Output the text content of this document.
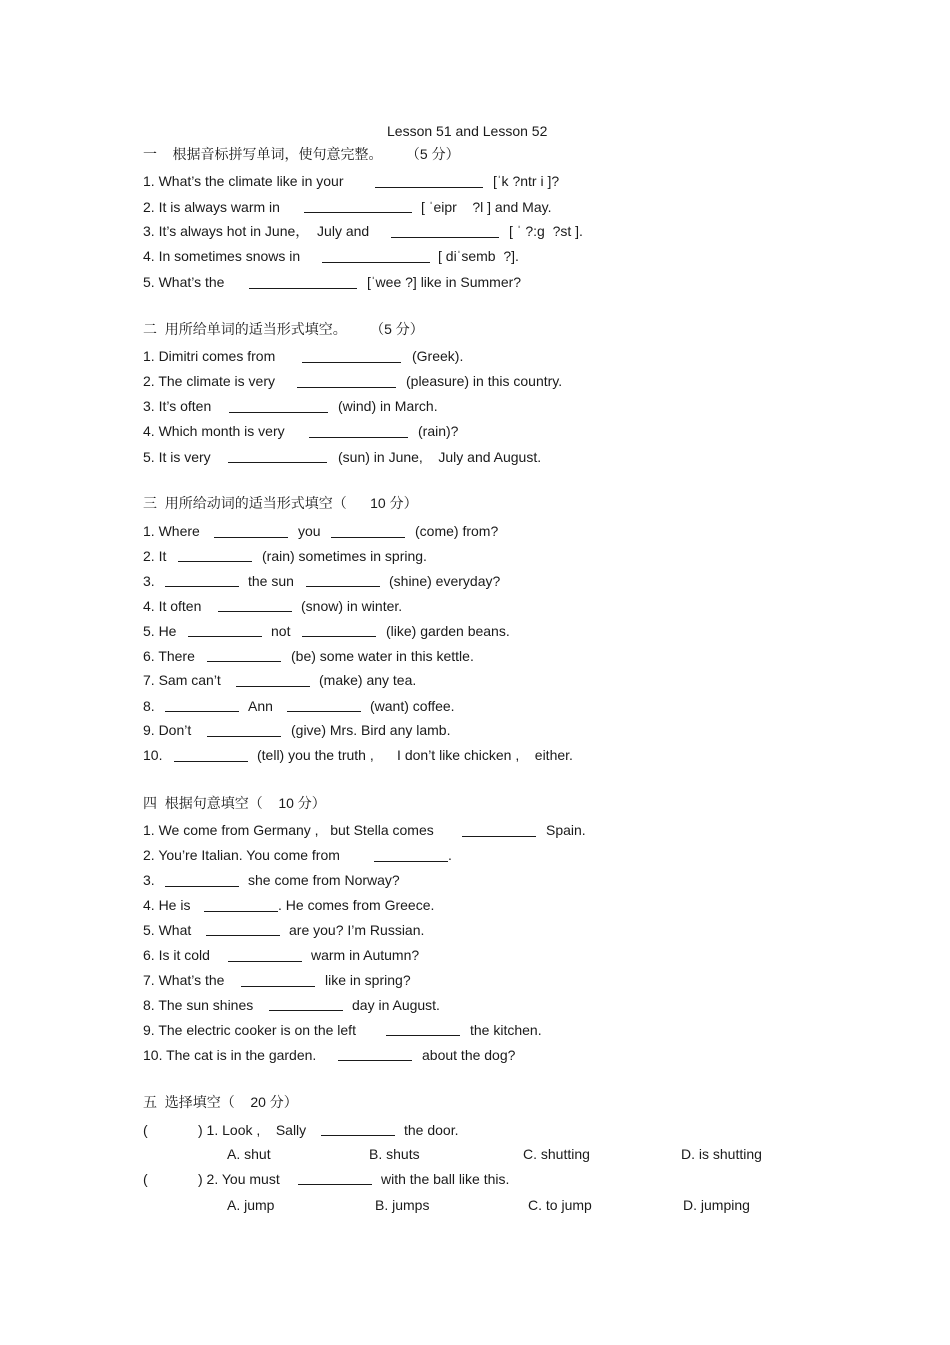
Lesson 51 and Lesson 52
一    根据音标拼写单词，使句意完整。      （5 分）
1. What’s the climate like in your	[ˈk ?ntr i ]?
2. It is always warm in	[ ˈeipr    ?l ] and May.
3. It’s always hot in June，  July and	[ ˈ ?:g  ?st ].
4. In sometimes snows in	[ diˈsemb  ?].
5. What’s the	[ˈwee ?] like in Summer?
二  用所给单词的适当形式填空。      （5 分）
1. Dimitri comes from	(Greek).
2. The climate is very	(pleasure) in this country.
3. It’s often	(wind) in March.
4. Which month is very	(rain)?
5. It is very	(sun) in June,    July and August.
三  用所给动词的适当形式填空（      10 分）
1. Where	you	(come) from?
2. It	(rain) sometimes in spring.
3.	the sun	(shine) everyday?
4. It often	(snow) in winter.
5. He	not	(like) garden beans.
6. There	(be) some water in this kettle.
7. Sam can’t	(make) any tea.
8.	Ann	(want) coffee.
9. Don’t	(give) Mrs. Bird any lamb.
10.	(tell) you the truth ,      I don’t like chicken ,    either.
四  根据句意填空（    10 分）
1. We come from Germany ,   but Stella comes	Spain.
2. You’re Italian. You come from	.
3.	she come from Norway?
4. He is	. He comes from Greece.
5. What	are you? I’m Russian.
6. Is it cold	warm in Autumn?
7. What’s the	like in spring?
8. The sun shines	day in August.
9. The electric cooker is on the left	the kitchen.
10. The cat is in the garden.	about the dog?
五  选择填空（    20 分）
(	) 1. Look ,    Sally	the door.
A. shut	B. shuts	C. shutting	D. is shutting
(	) 2. You must	with the ball like this.
A. jump	B. jumps	C. to jump	D. jumping
